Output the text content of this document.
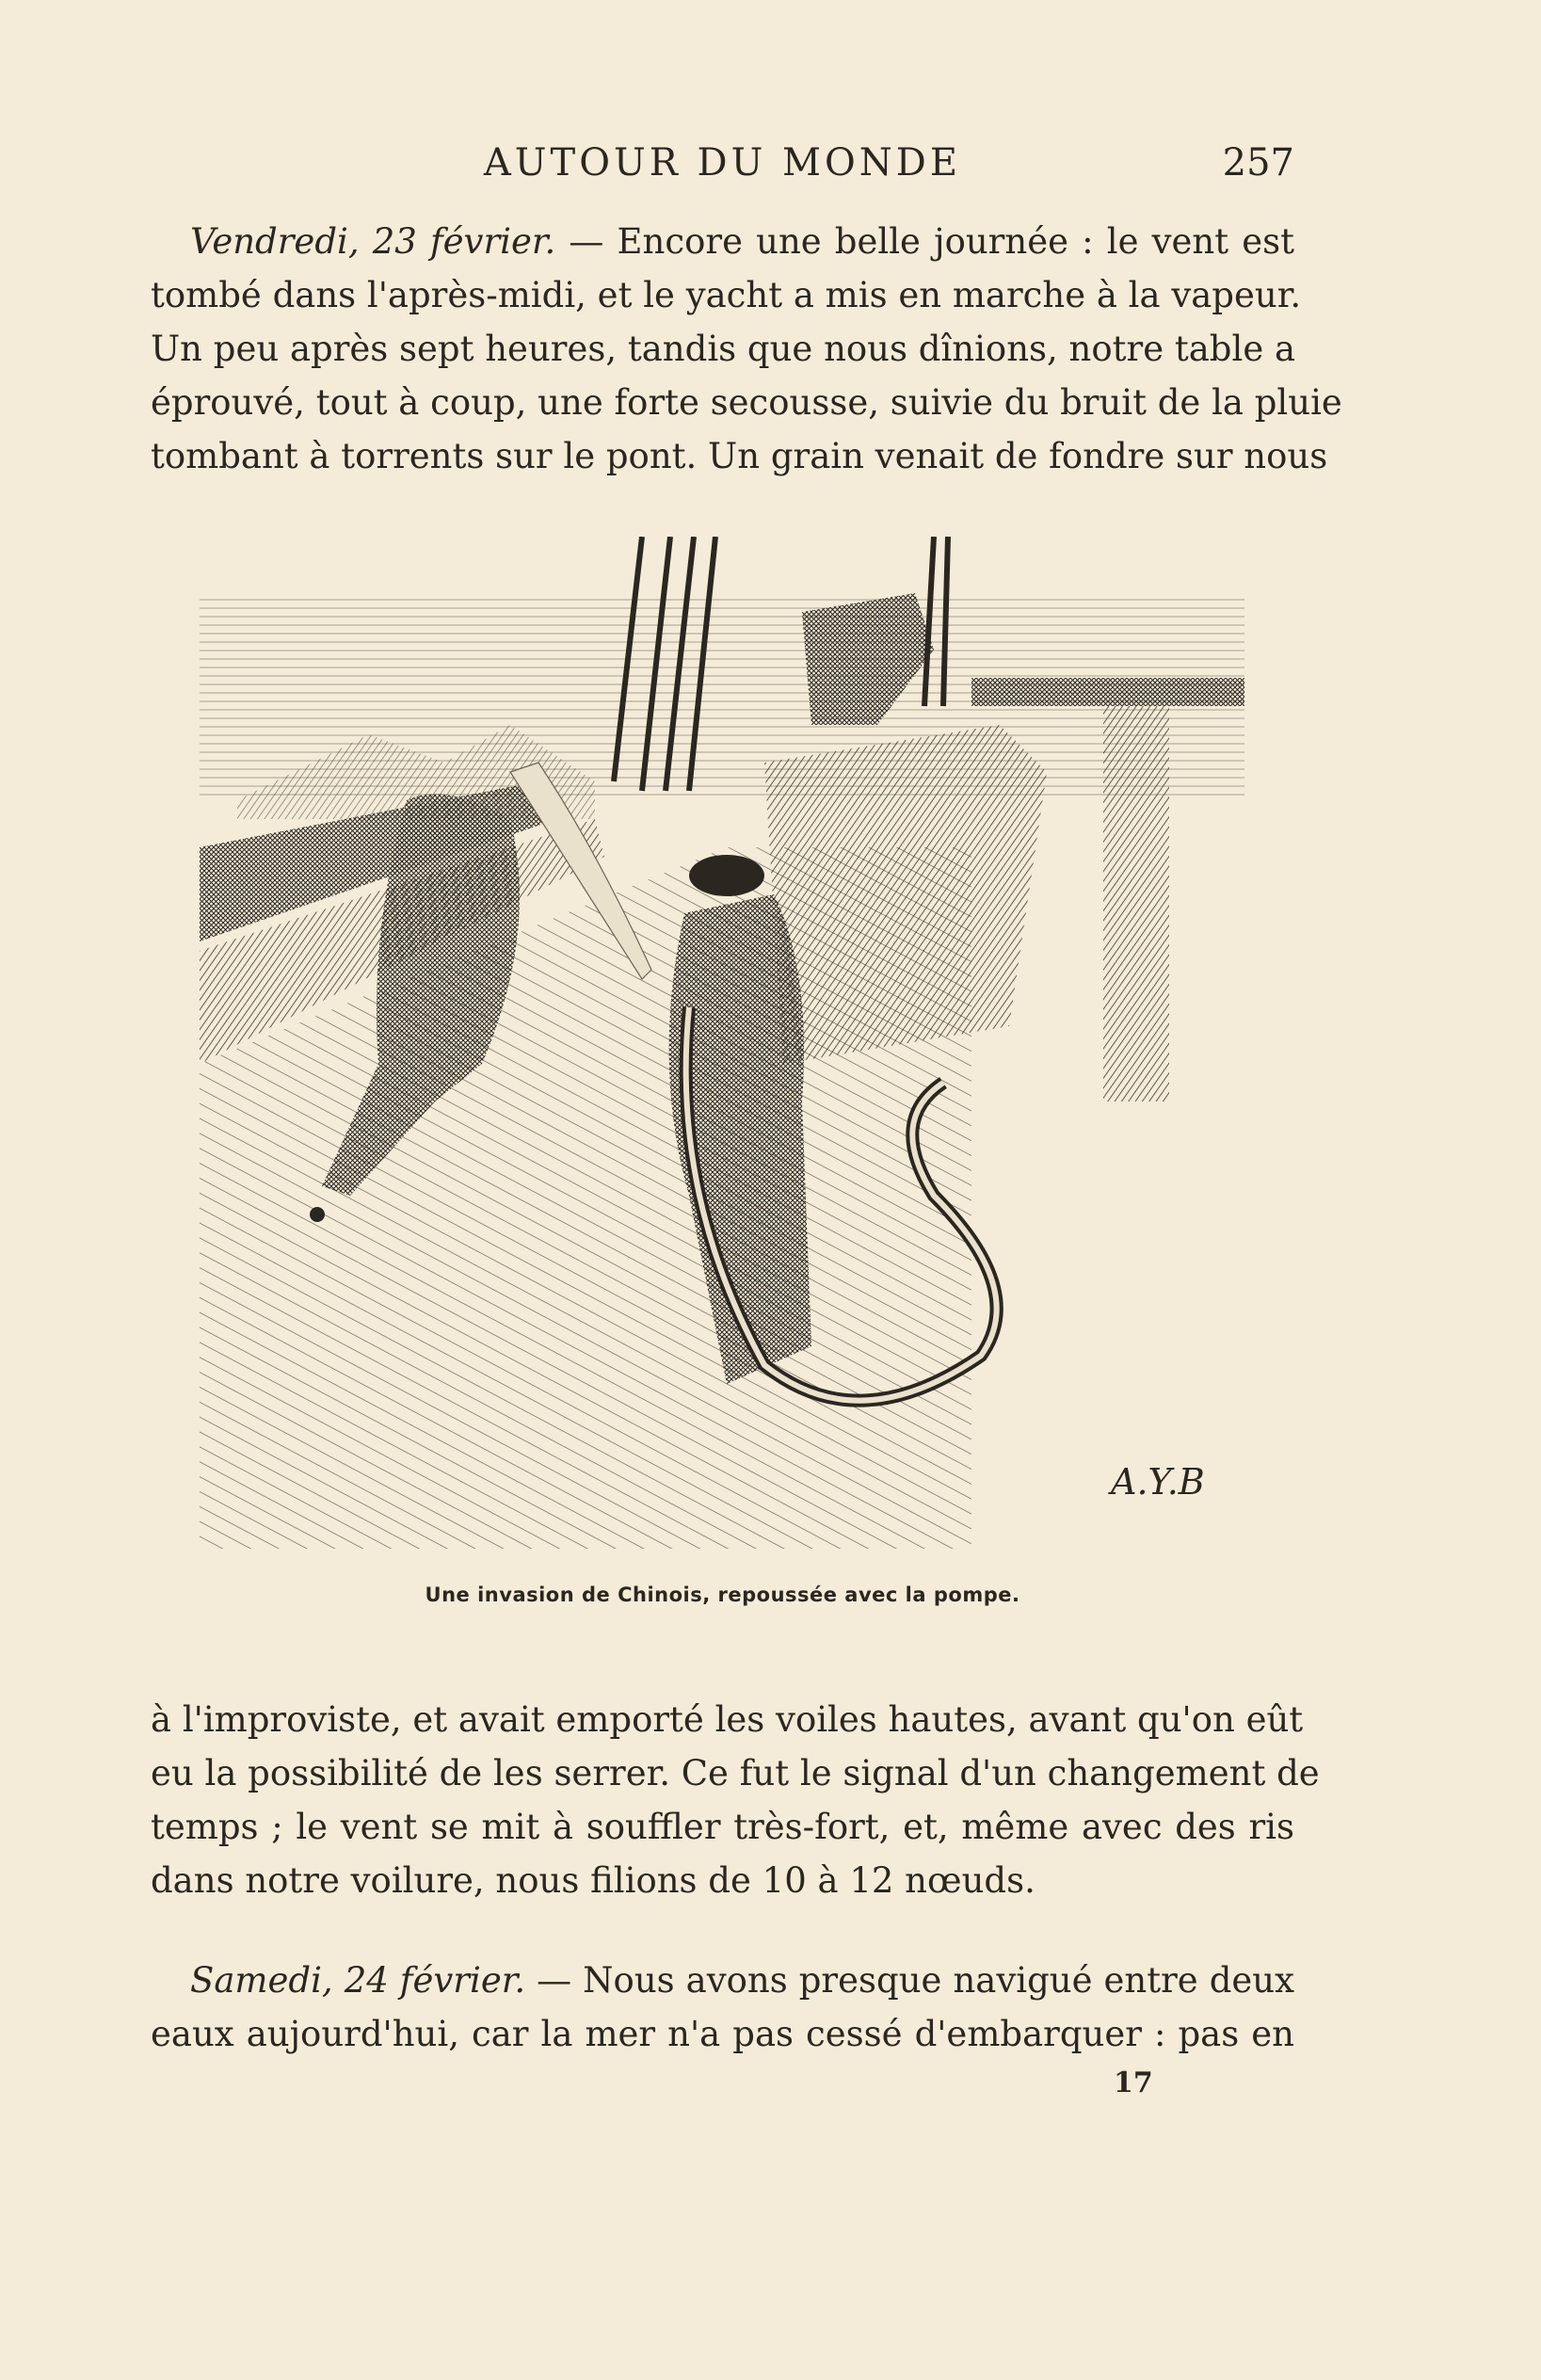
AUTOUR DU MONDE	257
Vendredi, 23 février. — Encore une belle journée : le vent est
tombé dans l'après-midi, et le yacht a mis en marche à la vapeur.
Un peu après sept heures, tandis que nous dînions, notre table a
éprouvé, tout à coup, une forte secousse, suivie du bruit de la pluie
tombant à torrents sur le pont. Un grain venait de fondre sur nous
A.Y.B
Une invasion de Chinois, repoussée avec la pompe.
à l'improviste, et avait emporté les voiles hautes, avant qu'on eût
eu la possibilité de les serrer. Ce fut le signal d'un changement de
temps ; le vent se mit à souffler très-fort, et, même avec des ris
dans notre voilure, nous filions de 10 à 12 nœuds.
Samedi, 24 février. — Nous avons presque navigué entre deux
eaux aujourd'hui, car la mer n'a pas cessé d'embarquer : pas en
17
